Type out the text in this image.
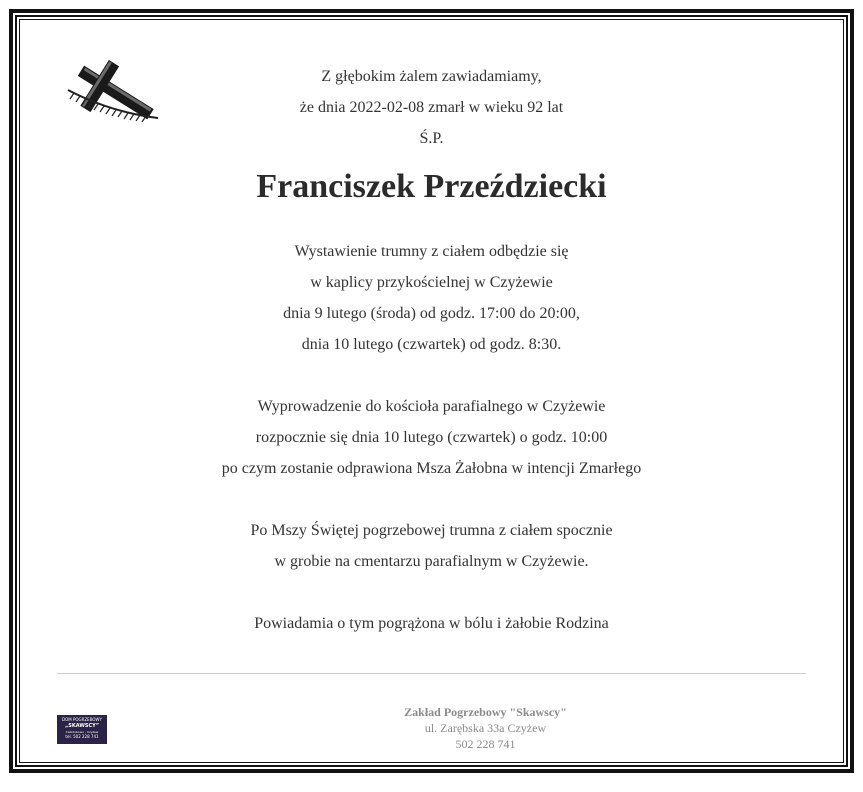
Z głębokim żalem zawiadamiamy,
że dnia 2022-02-08 zmarł w wieku 92 lat
Ś.P.
Franciszek Przeździecki
Wystawienie trumny z ciałem odbędzie się
w kaplicy przykościelnej w Czyżewie
dnia 9 lutego (środa) od godz. 17:00 do 20:00,
dnia 10 lutego (czwartek) od godz. 8:30.
Wyprowadzenie do kościoła parafialnego w Czyżewie
rozpocznie się dnia 10 lutego (czwartek) o godz. 10:00
po czym zostanie odprawiona Msza Żałobna w intencji Zmarłego
Po Mszy Świętej pogrzebowej trumna z ciałem spocznie
w grobie na cmentarzu parafialnym w Czyżewie.
Powiadamia o tym pogrążona w bólu i żałobie Rodzina
DOM POGRZEBOWY
„SKAWSCY”
Całodobowo - Czyżew
tel. 502 228 741
Zakład Pogrzebowy "Skawscy"
ul. Zarębska 33a Czyżew
502 228 741
